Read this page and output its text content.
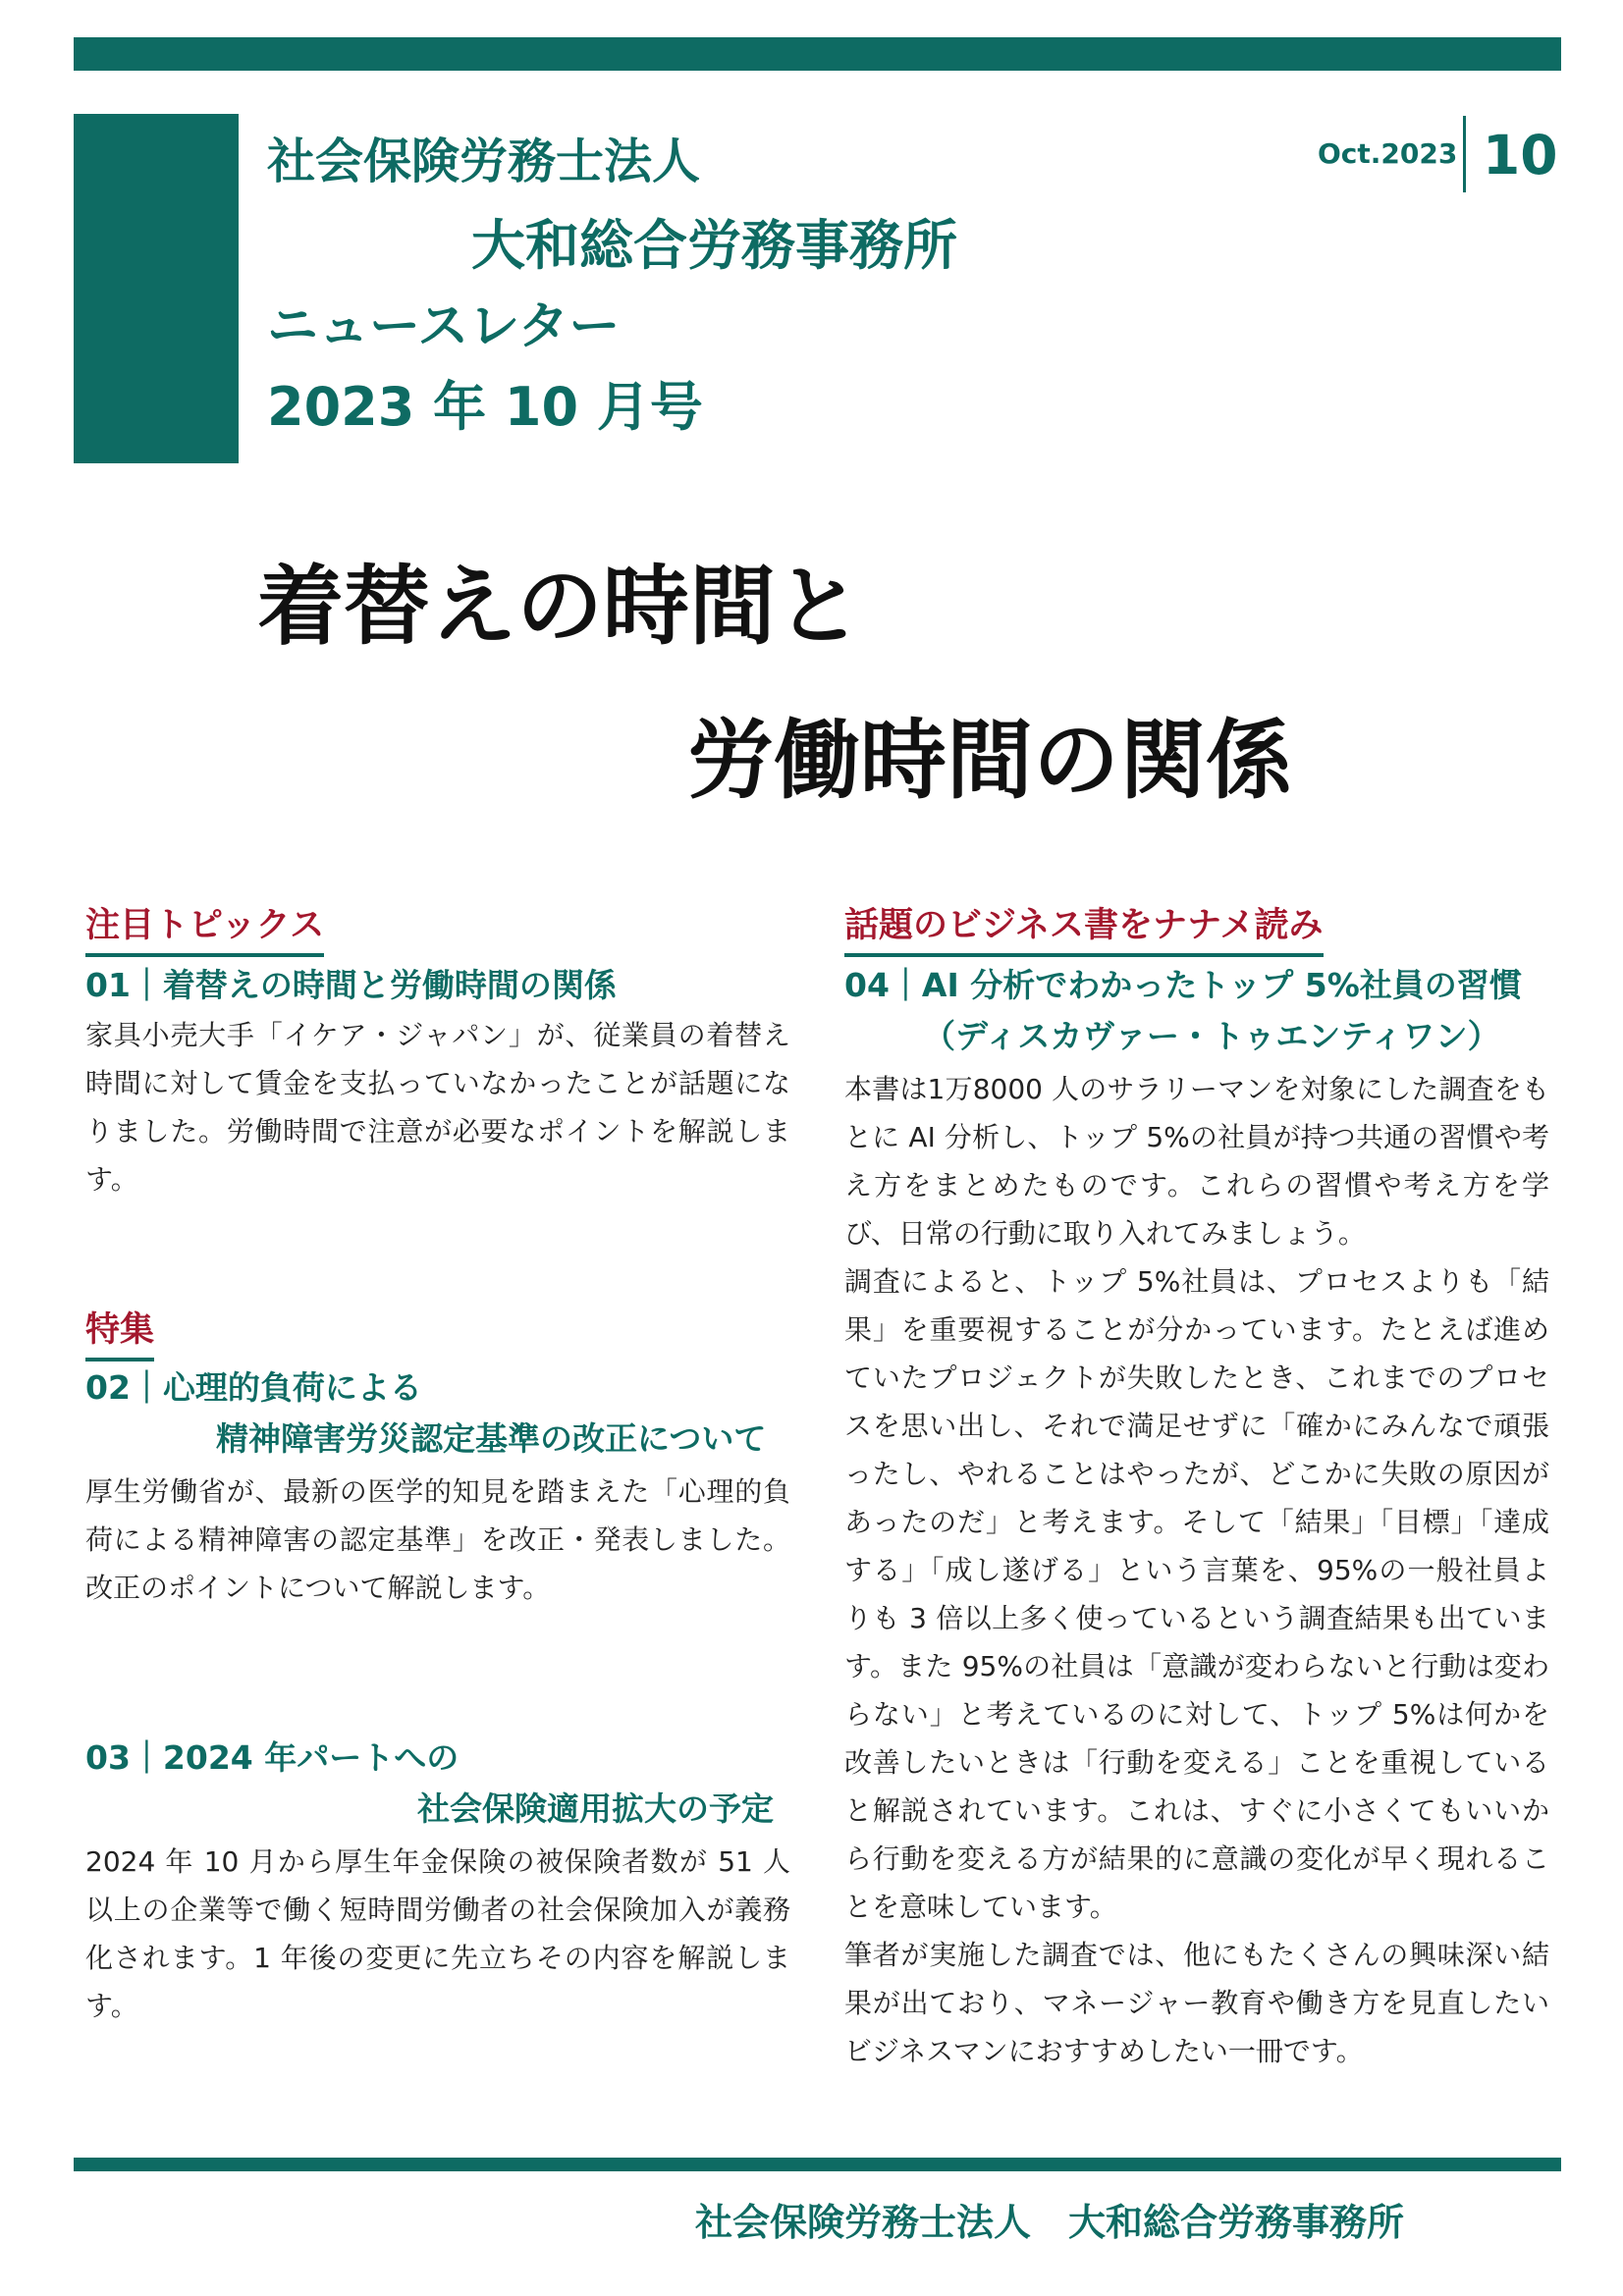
社会保険労務士法人
大和総合労務事務所
ニュースレター
2023 年 10 月号
Oct.2023 10
着替えの時間と
労働時間の関係
注目トピックス
01｜着替えの時間と労働時間の関係

家具小売大手「イケア・ジャパン」が、従業員の着替え時間に対して賃金を支払っていなかったことが話題になりました。労働時間で注意が必要なポイントを解説します。

特集
02｜心理的負荷による
精神障害労災認定基準の改正について

厚生労働省が、最新の医学的知見を踏まえた「心理的負荷による精神障害の認定基準」を改正・発表しました。改正のポイントについて解説します。

03｜2024 年パートへの
社会保険適用拡大の予定

2024 年 10 月から厚生年金保険の被保険者数が 51 人以上の企業等で働く短時間労働者の社会保険加入が義務化されます。1 年後の変更に先立ちその内容を解説します。

話題のビジネス書をナナメ読み
04｜AI 分析でわかったトップ 5%社員の習慣
（ディスカヴァー・トゥエンティワン）

本書は1万8000 人のサラリーマンを対象にした調査をもとに AI 分析し、トップ 5%の社員が持つ共通の習慣や考え方をまとめたものです。これらの習慣や考え方を学び、日常の行動に取り入れてみましょう。

調査によると、トップ 5%社員は、プロセスよりも「結果」を重要視することが分かっています。たとえば進めていたプロジェクトが失敗したとき、これまでのプロセスを思い出し、それで満足せずに「確かにみんなで頑張ったし、やれることはやったが、どこかに失敗の原因があったのだ」と考えます。そして「結果」「目標」「達成する」「成し遂げる」という言葉を、95%の一般社員よりも 3 倍以上多く使っているという調査結果も出ています。また 95%の社員は「意識が変わらないと行動は変わらない」と考えているのに対して、トップ 5%は何かを改善したいときは「行動を変える」ことを重視していると解説されています。これは、すぐに小さくてもいいから行動を変える方が結果的に意識の変化が早く現れることを意味しています。

筆者が実施した調査では、他にもたくさんの興味深い結果が出ており、マネージャー教育や働き方を見直したいビジネスマンにおすすめしたい一冊です。

社会保険労務士法人　大和総合労務事務所
